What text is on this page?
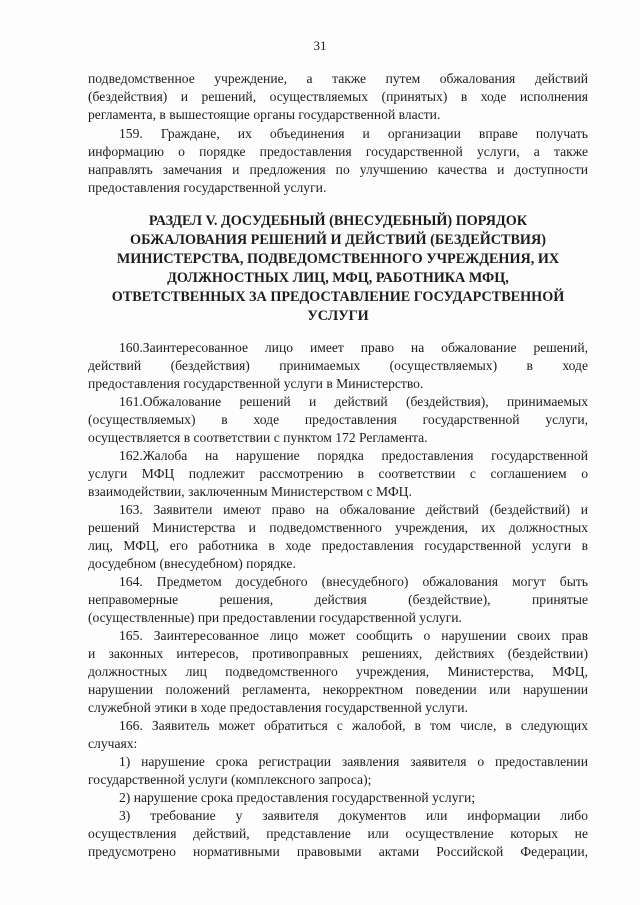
31
подведомственное учреждение, а также путем обжалования действий
(бездействия) и решений, осуществляемых (принятых) в ходе исполнения
регламента, в вышестоящие органы государственной власти.
159. Граждане, их объединения и организации вправе получать
информацию о порядке предоставления государственной услуги, а также
направлять замечания и предложения по улучшению качества и доступности
предоставления государственной услуги.
РАЗДЕЛ V. ДОСУДЕБНЫЙ (ВНЕСУДЕБНЫЙ) ПОРЯДОК
ОБЖАЛОВАНИЯ РЕШЕНИЙ И ДЕЙСТВИЙ (БЕЗДЕЙСТВИЯ)
МИНИСТЕРСТВА, ПОДВЕДОМСТВЕННОГО УЧРЕЖДЕНИЯ, ИХ
ДОЛЖНОСТНЫХ ЛИЦ, МФЦ, РАБОТНИКА МФЦ,
ОТВЕТСТВЕННЫХ ЗА ПРЕДОСТАВЛЕНИЕ ГОСУДАРСТВЕННОЙ
УСЛУГИ
160.Заинтересованное лицо имеет право на обжалование решений,
действий (бездействия) принимаемых (осуществляемых) в ходе
предоставления государственной услуги в Министерство.
161.Обжалование решений и действий (бездействия), принимаемых
(осуществляемых) в ходе предоставления государственной услуги,
осуществляется в соответствии с пунктом 172 Регламента.
162.Жалоба на нарушение порядка предоставления государственной
услуги МФЦ подлежит рассмотрению в соответствии с соглашением о
взаимодействии, заключенным Министерством с МФЦ.
163. Заявители имеют право на обжалование действий (бездействий) и
решений Министерства и подведомственного учреждения, их должностных
лиц, МФЦ, его работника в ходе предоставления государственной услуги в
досудебном (внесудебном) порядке.
164. Предметом досудебного (внесудебного) обжалования могут быть
неправомерные решения, действия (бездействие), принятые
(осуществленные) при предоставлении государственной услуги.
165. Заинтересованное лицо может сообщить о нарушении своих прав
и законных интересов, противоправных решениях, действиях (бездействии)
должностных лиц подведомственного учреждения, Министерства, МФЦ,
нарушении положений регламента, некорректном поведении или нарушении
служебной этики в ходе предоставления государственной услуги.
166. Заявитель может обратиться с жалобой, в том числе, в следующих
случаях:
1) нарушение срока регистрации заявления заявителя о предоставлении
государственной услуги (комплексного запроса);
2) нарушение срока предоставления государственной услуги;
3) требование у заявителя документов или информации либо
осуществления действий, представление или осуществление которых не
предусмотрено нормативными правовыми актами Российской Федерации,
